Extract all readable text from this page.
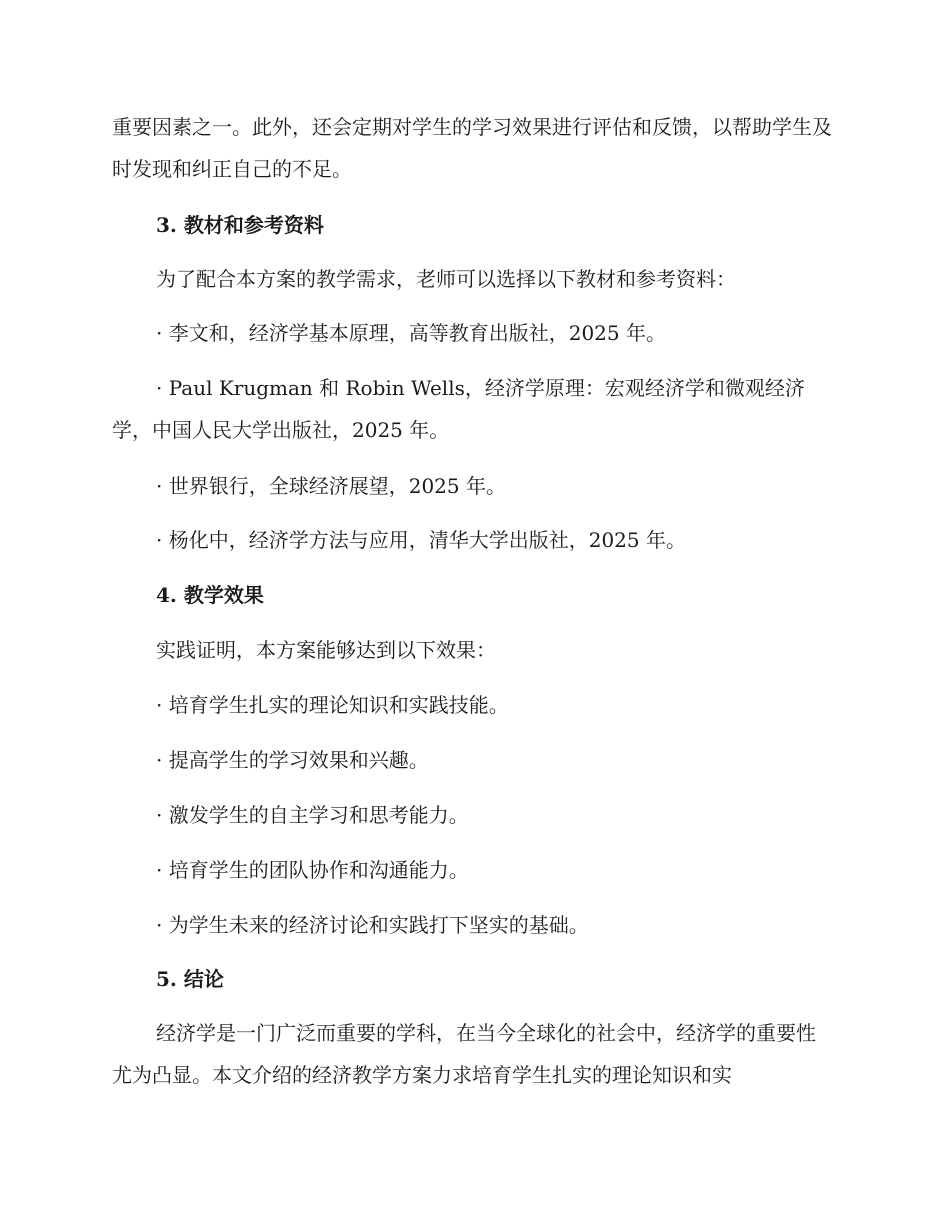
重要因素之一。此外，还会定期对学生的学习效果进行评估和反馈，以帮助学生及时发现和纠正自己的不足。

3. 教材和参考资料

为了配合本方案的教学需求，老师可以选择以下教材和参考资料：

· 李文和，经济学基本原理，高等教育出版社，2025 年。

· Paul Krugman 和 Robin Wells，经济学原理：宏观经济学和微观经济学，中国人民大学出版社，2025 年。

· 世界银行，全球经济展望，2025 年。

· 杨化中，经济学方法与应用，清华大学出版社，2025 年。

4. 教学效果

实践证明，本方案能够达到以下效果：

· 培育学生扎实的理论知识和实践技能。

· 提高学生的学习效果和兴趣。

· 激发学生的自主学习和思考能力。

· 培育学生的团队协作和沟通能力。

· 为学生未来的经济讨论和实践打下坚实的基础。

5. 结论

经济学是一门广泛而重要的学科，在当今全球化的社会中，经济学的重要性尤为凸显。本文介绍的经济教学方案力求培育学生扎实的理论知识和实
